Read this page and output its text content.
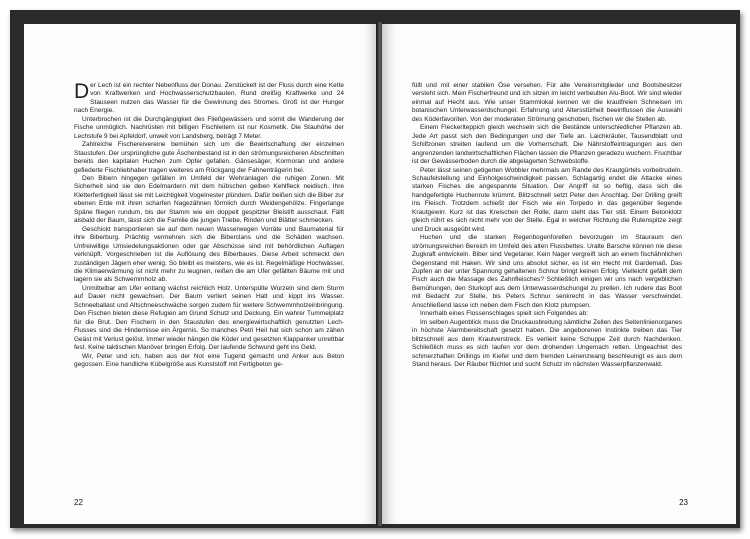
Der Lech ist ein rechter Nebenfluss der Donau. Zerstückelt ist der Fluss durch eine Kette von Kraftwerken und Hochwasserschutzbauten. Rund dreißig Kraftwerke und 24 Stauseen nutzen das Wasser für die Gewinnung des Stromes. Groß ist der Hunger nach Energie.

Unterbrochen ist die Durchgängigkeit des Fließgewässers und somit die Wanderung der Fische unmöglich. Nachrüsten mit billigen Fischleitern ist nur Kosmetik. Die Stauhöhe der Lechstufe 9 bei Apfeldorf, unweit von Landsberg, beträgt 7 Meter.

Zahlreiche Fischereivereine bemühen sich um die Bewirtschaftung der einzelnen Staustufen. Der ursprüngliche gute Äschenbestand ist in den strömungsreicheren Abschnitten bereits den kapitalen Huchen zum Opfer gefallen. Gänsesäger, Kormoran und andere gefiederte Fischliebhaber tragen weiteres am Rückgang der Fahnenträgerin bei.

Den Bibern hingegen gefällen im Umfeld der Wehranlagen die ruhigen Zonen. Mit Sicherheit sind sie den Edelmardern mit dem hübschen gelben Kehlfleck neidisch. Ihre Kletterfertigkeit lässt sie mit Leichtigkeit Vogelnester plündern. Dafür beißen sich die Biber zur ebenen Erde mit ihren scharfen Nagezähnen förmlich durch Weidengehölze. Fingerlange Späne fliegen rundum, bis der Stamm wie ein doppelt gespitzter Bleistift ausschaut. Fällt alsbald der Baum, lässt sich die Familie die jungen Triebe, Rinden und Blätter schmecken.

Geschickt transportieren sie auf dem neuen Wasserwegen Vorräte und Baumaterial für ihre Biberburg. Prächtig vermehren sich die Biberclans und die Schäden wachsen. Unfreiwillige Umsiedelungsaktionen oder gar Abschüsse sind mit behördlichen Auflagen verknüpft. Vorgeschrieben ist die Auflösung des Biberbaues. Diese Arbeit schmeckt den zuständigen Jägern eher wenig. So bleibt es meistens, wie es ist. Regelmäßige Hochwässer, die Klimaerwärmung ist nicht mehr zu leugnen, reißen die am Ufer gefällten Bäume mit und lagern sie als Schwemmholz ab.

Unmittelbar am Ufer entlang wächst reichlich Holz. Unterspülte Wurzeln sind dem Sturm auf Dauer nicht gewachsen. Der Baum verliert seinen Halt und kippt ins Wasser. Schneeballast und Altschneeschwäche sorgen zudem für weitere Schwemmholzeinbringung. Den Fischen bieten diese Refugien am Grund Schutz und Deckung. Ein wahrer Tummelplatz für die Brut. Den Fischern in den Staustufen des energiewirtschaftlich genutzten Lech-Flusses sind die Hindernisse ein Ärgernis. So manches Petri Heil hat sich schon am zähen Geäst mit Verlust gelöst. Immer wieder hängen die Köder und gesetzten Klappanker unrettbar fest. Keine taktischen Manöver bringen Erfolg. Der laufende Schwund geht ins Geld.

Wir, Peter und ich, haben aus der Not eine Tugend gemacht und Anker aus Beton gegossen. Eine handliche Kübelgröße aus Kunststoff mit Fertigbeton ge-

22

füllt und mit einer stabilen Öse versehen. Für alle Vereinsmitglieder und Bootsbesitzer versteht sich. Mein Fischerfreund und ich sitzen im leicht verbeulten Alu-Boot. Wir sind wieder einmal auf Hecht aus. Wie unser Stammlokal kennen wir die krautfreien Schneisen im botanischen Unterwasserdschungel. Erfahrung und Altersstürheit beeinflussen die Auswahl des Köderfavoriten. Von der moderaten Strömung geschoben, fischen wir die Stellen ab.

Einem Fleckerlteppich gleich wechseln sich die Bestände unterschiedlicher Pflanzen ab. Jede Art passt sich den Bedingungen und der Tiefe an. Laichkräuter, Tausendblatt und Schilfzonen streiten laufend um die Vorherrschaft. Die Nährstoffeintragungen aus den angrenzenden landwirtschaftlichen Flächen lassen die Pflanzen geradezu wuchern. Fruchtbar ist der Gewässerboden durch die abgelagerten Schwebstoffe.

Peter lässt seinen getigerten Wobbler mehrmals am Rande des Krautgürtels vorbeitrudeln. Schaufelstellung und Einholgeschwindigkeit passen. Schlagartig endet die Attacke eines starken Fisches die angespannte Situation. Der Angriff ist so heftig, dass sich die handgefertigte Huchenrute krümmt. Blitzschnell setzt Peter den Anschlag. Der Drilling greift ins Fleisch. Trotzdem schießt der Fisch wie ein Torpedo in das gegenüber liegende Krautgewirr. Kurz ist das Kreischen der Rolle, dann steht das Tier still. Einem Betonklotz gleich rührt es sich nicht mehr von der Stelle. Egal in welcher Richtung die Rutenspitze zeigt und Druck ausgeübt wird.

Huchen und die starken Regenbogenforellen bevorzugen im Stauraum den strömungsreichen Bereich im Umfeld des alten Flussbettes. Uralte Barsche können nie diese Zugkraft entwickeln. Biber sind Vegetarier. Kein Nager vergreift sich an einem fischähnlichen Gegenstand mit Haken. Wir sind uns absolut sicher, es ist ein Hecht mit Gardemaß. Das Zupfen an der unter Spannung gehaltenen Schnur bringt keinen Erfolg. Vielleicht gefällt dem Fisch auch die Massage des Zahnfleisches? Schließlich einigen wir uns nach vergeblichen Bemühungen, den Sturkopf aus dem Unterwasserdschungel zu prellen. Ich rudere das Boot mit Bedacht zur Stelle, bis Peters Schnur senkrecht in das Wasser verschwindet. Anschließend lasse ich neben dem Fisch den Klotz plumpsen.

Innerhalb eines Flossenschlages spielt sich Folgendes ab:

Im selben Augenblick muss die Druckausbreitung sämtliche Zellen des Seitenlinienorganes in höchste Alarmbereitschaft gesetzt haben. Die angeborenen Instinkte treiben das Tier blitzschnell aus dem Krautverstreck. Es verliert keine Schuppe Zeit durch Nachdenken. Schließlich muss es sich laufen vor dem drohenden Ungemach retten. Ungeachtet des schmerzhaften Drillings im Kiefer und dem fremden Leinenzwang beschleunigt es aus dem Stand heraus. Der Räuber flüchtet und sucht Schutz im nächsten Wasserpflanzenwald.

23
